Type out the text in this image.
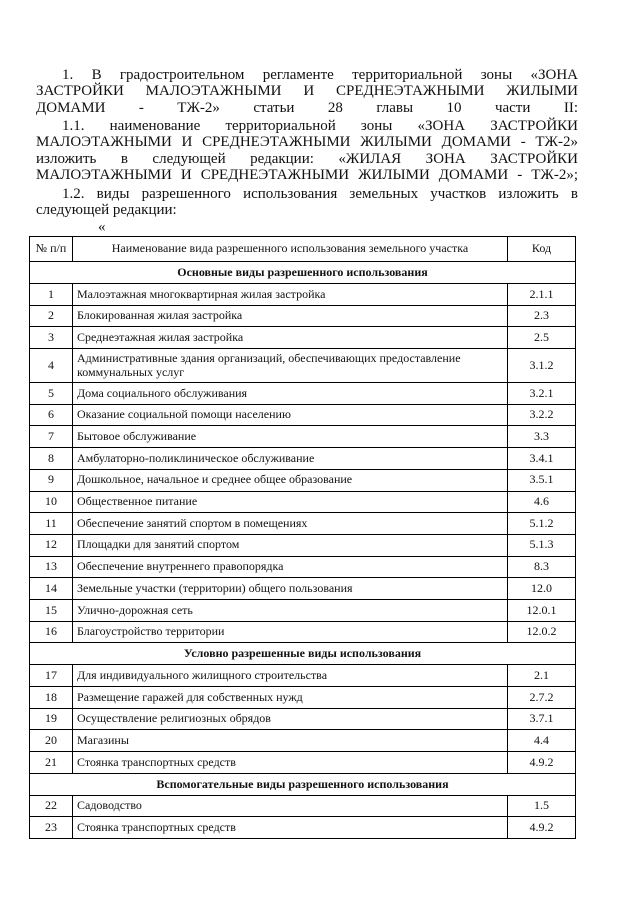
1. В градостроительном регламенте территориальной зоны «ЗОНА ЗАСТРОЙКИ МАЛОЭТАЖНЫМИ И СРЕДНЕЭТАЖНЫМИ ЖИЛЫМИ ДОМАМИ - ТЖ-2» статьи 28 главы 10 части II:
1.1. наименование территориальной зоны «ЗОНА ЗАСТРОЙКИ МАЛОЭТАЖНЫМИ И СРЕДНЕЭТАЖНЫМИ ЖИЛЫМИ ДОМАМИ - ТЖ-2» изложить в следующей редакции: «ЖИЛАЯ ЗОНА ЗАСТРОЙКИ МАЛОЭТАЖНЫМИ И СРЕДНЕЭТАЖНЫМИ ЖИЛЫМИ ДОМАМИ - ТЖ-2»;
1.2. виды разрешенного использования земельных участков изложить в следующей редакции:
«
№ п/п	Наименование вида разрешенного использования земельного участка	Код
Основные виды разрешенного использования		
1	Малоэтажная многоквартирная жилая застройка	2.1.1
2	Блокированная жилая застройка	2.3
3	Среднеэтажная жилая застройка	2.5
4	Административные здания организаций, обеспечивающих предоставление коммунальных услуг	3.1.2
5	Дома социального обслуживания	3.2.1
6	Оказание социальной помощи населению	3.2.2
7	Бытовое обслуживание	3.3
8	Амбулаторно-поликлиническое обслуживание	3.4.1
9	Дошкольное, начальное и среднее общее образование	3.5.1
10	Общественное питание	4.6
11	Обеспечение занятий спортом в помещениях	5.1.2
12	Площадки для занятий спортом	5.1.3
13	Обеспечение внутреннего правопорядка	8.3
14	Земельные участки (территории) общего пользования	12.0
15	Улично-дорожная сеть	12.0.1
16	Благоустройство территории	12.0.2
Условно разрешенные виды использования		
17	Для индивидуального жилищного строительства	2.1
18	Размещение гаражей для собственных нужд	2.7.2
19	Осуществление религиозных обрядов	3.7.1
20	Магазины	4.4
21	Стоянка транспортных средств	4.9.2
Вспомогательные виды разрешенного использования		
22	Садоводство	1.5
23	Стоянка транспортных средств	4.9.2
